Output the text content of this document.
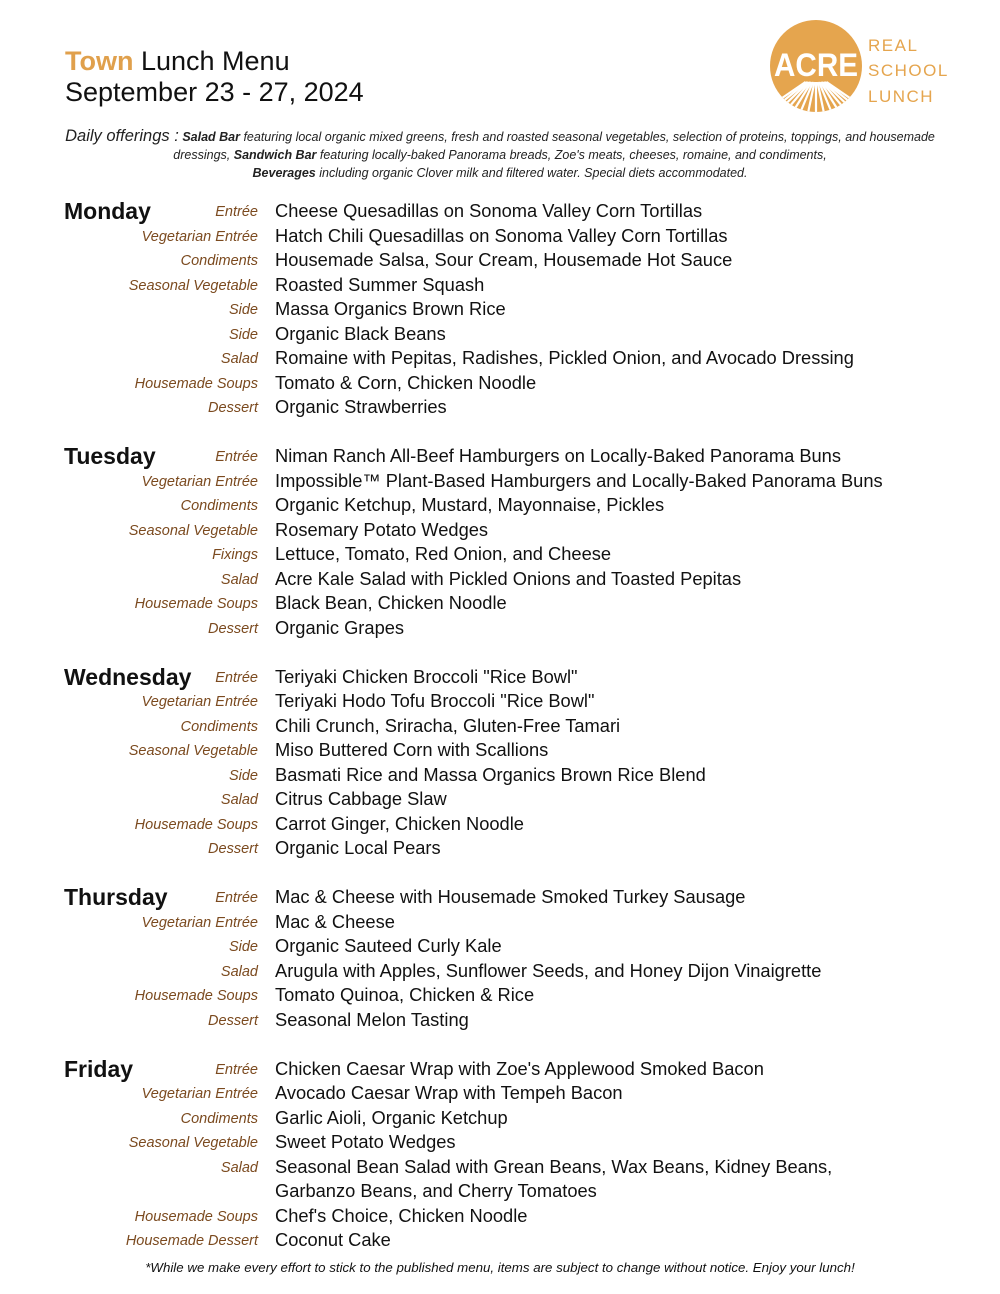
Town Lunch Menu
September 23 - 27, 2024
ACRE
REAL
SCHOOL
LUNCH
Daily offerings : Salad Bar featuring local organic mixed greens, fresh and roasted seasonal vegetables, selection of proteins, toppings, and housemade dressings, Sandwich Bar featuring locally-baked Panorama breads, Zoe's meats, cheeses, romaine, and condiments,
Beverages including organic Clover milk and filtered water. Special diets accommodated.
Monday	Entrée Cheese Quesadillas on Sonoma Valley Corn Tortillas
Vegetarian Entrée Hatch Chili Quesadillas on Sonoma Valley Corn Tortillas
Condiments Housemade Salsa, Sour Cream, Housemade Hot Sauce
Seasonal Vegetable Roasted Summer Squash
Side Massa Organics Brown Rice
Side Organic Black Beans
Salad Romaine with Pepitas, Radishes, Pickled Onion, and Avocado Dressing
Housemade Soups Tomato & Corn, Chicken Noodle
Dessert Organic Strawberries
Tuesday	Entrée Niman Ranch All-Beef Hamburgers on Locally-Baked Panorama Buns
Vegetarian Entrée Impossible™ Plant-Based Hamburgers and Locally-Baked Panorama Buns
Condiments Organic Ketchup, Mustard, Mayonnaise, Pickles
Seasonal Vegetable Rosemary Potato Wedges
Fixings Lettuce, Tomato, Red Onion, and Cheese
Salad Acre Kale Salad with Pickled Onions and Toasted Pepitas
Housemade Soups Black Bean, Chicken Noodle
Dessert Organic Grapes
Wednesday	Entrée Teriyaki Chicken Broccoli "Rice Bowl"
Vegetarian Entrée Teriyaki Hodo Tofu Broccoli "Rice Bowl"
Condiments Chili Crunch, Sriracha, Gluten-Free Tamari
Seasonal Vegetable Miso Buttered Corn with Scallions
Side Basmati Rice and Massa Organics Brown Rice Blend
Salad Citrus Cabbage Slaw
Housemade Soups Carrot Ginger, Chicken Noodle
Dessert Organic Local Pears
Thursday	Entrée Mac & Cheese with Housemade Smoked Turkey Sausage
Vegetarian Entrée Mac & Cheese
Side Organic Sauteed Curly Kale
Salad Arugula with Apples, Sunflower Seeds, and Honey Dijon Vinaigrette
Housemade Soups Tomato Quinoa, Chicken & Rice
Dessert Seasonal Melon Tasting
Friday	Entrée Chicken Caesar Wrap with Zoe's Applewood Smoked Bacon
Vegetarian Entrée Avocado Caesar Wrap with Tempeh Bacon
Condiments Garlic Aioli, Organic Ketchup
Seasonal Vegetable Sweet Potato Wedges
Salad Seasonal Bean Salad with Grean Beans, Wax Beans, Kidney Beans,
Garbanzo Beans, and Cherry Tomatoes
Housemade Soups Chef's Choice, Chicken Noodle
Housemade Dessert Coconut Cake
*While we make every effort to stick to the published menu, items are subject to change without notice. Enjoy your lunch!
